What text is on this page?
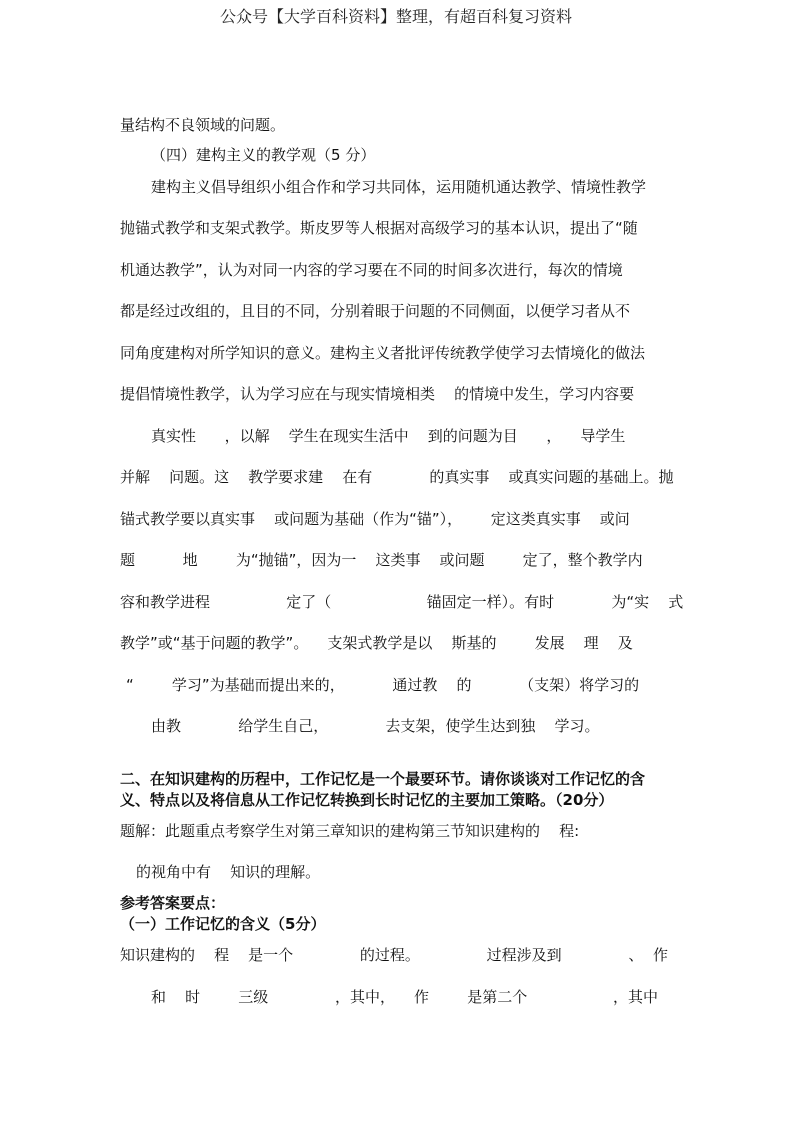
公众号【大学百科资料】整理，有超百科复习资料
量结构不良领域的问题。
（四）建构主义的教学观（5 分）
建构主义倡导组织小组合作和学习共同体，运用随机通达教学、情境性教学
抛锚式教学和支架式教学。斯皮罗等人根据对高级学习的基本认识，提出了“随
机通达教学”，认为对同一内容的学习要在不同的时间多次进行，每次的情境
都是经过改组的，且目的不同，分别着眼于问题的不同侧面，以便学习者从不
同角度建构对所学知识的意义。建构主义者批评传统教学使学习去情境化的做法
提倡情境性教学，认为学习应在与现实情境相类    的情境中发生，学习内容要
真实性      ，以解    学生在现实生活中    到的问题为目      ，    导学生
并解    问题。这    教学要求建    在有            的真实事    或真实问题的基础上。抛
锚式教学要以真实事    或问题为基础（作为“锚”），      定这类真实事    或问
题          地        为“抛锚”，因为一    这类事    或问题        定了，整个教学内
容和教学进程                定了（                    锚固定一样）。有时            为“实    式
教学”或“基于问题的教学”。    支架式教学是以    斯基的        发展    理    及
“        学习”为基础而提出来的，          通过教    的          （支架）将学习的
由教            给学生自己，            去支架，使学生达到独    学习。
二、在知识建构的历程中，工作记忆是一个最要环节。请你谈谈对工作记忆的含
义、特点以及将信息从工作记忆转换到长时记忆的主要加工策略。（20分）
题解：此题重点考察学生对第三章知识的建构第三节知识建构的    程:
的视角中有    知识的理解。
参考答案要点：
（一）工作记忆的含义（5分）
知识建构的    程    是一个              的过程。              过程涉及到              、  作
和    时        三级              ，其中，    作        是第二个                  ，其中
